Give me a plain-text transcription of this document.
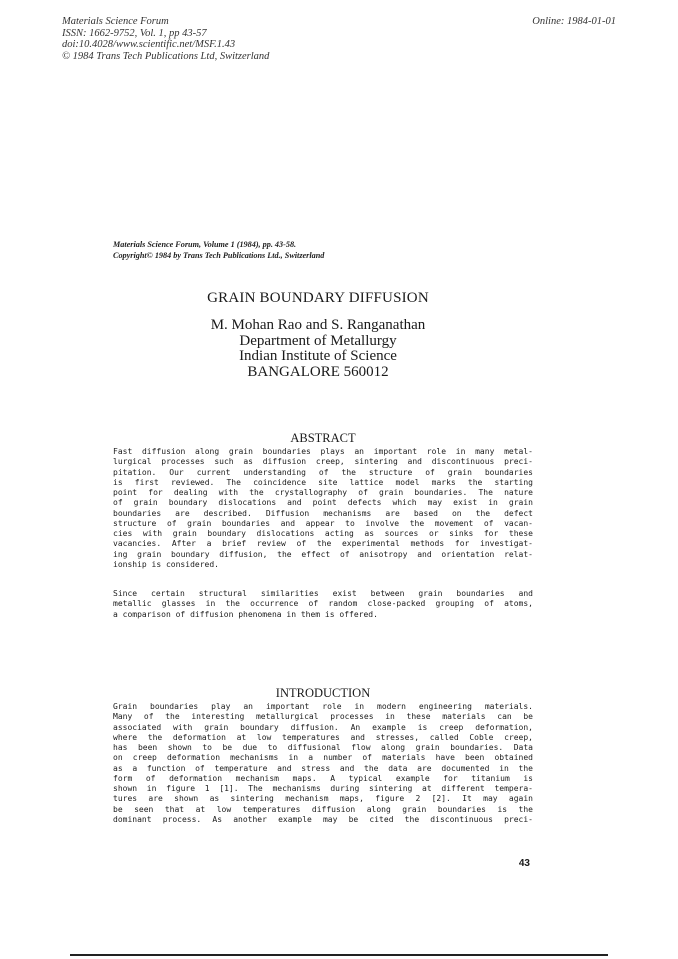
Materials Science Forum
ISSN: 1662-9752, Vol. 1, pp 43-57
doi:10.4028/www.scientific.net/MSF.1.43
© 1984 Trans Tech Publications Ltd, Switzerland
Online: 1984-01-01
Materials Science Forum, Volume 1 (1984), pp. 43-58.
Copyright© 1984 by Trans Tech Publications Ltd., Switzerland
GRAIN BOUNDARY DIFFUSION
M. Mohan Rao and S. Ranganathan
Department of Metallurgy
Indian Institute of Science
BANGALORE 560012
ABSTRACT
Fast diffusion along grain boundaries plays an important role in many metal-
lurgical processes such as diffusion creep, sintering and discontinuous preci-
pitation. Our current understanding of the structure of grain boundaries
is first reviewed. The coincidence site lattice model marks the starting
point for dealing with the crystallography of grain boundaries. The nature
of grain boundary dislocations and point defects which may exist in grain
boundaries are described. Diffusion mechanisms are based on the defect
structure of grain boundaries and appear to involve the movement of vacan-
cies with grain boundary dislocations acting as sources or sinks for these
vacancies. After a brief review of the experimental methods for investigat-
ing grain boundary diffusion, the effect of anisotropy and orientation relat-
ionship is considered.
Since certain structural similarities exist between grain boundaries and
metallic glasses in the occurrence of random close-packed grouping of atoms,
a comparison of diffusion phenomena in them is offered.
INTRODUCTION
Grain boundaries play an important role in modern engineering materials.
Many of the interesting metallurgical processes in these materials can be
associated with grain boundary diffusion. An example is creep deformation,
where the deformation at low temperatures and stresses, called Coble creep,
has been shown to be due to diffusional flow along grain boundaries. Data
on creep deformation mechanisms in a number of materials have been obtained
as a function of temperature and stress and the data are documented in the
form of deformation mechanism maps. A typical example for titanium is
shown in figure 1 [1]. The mechanisms during sintering at different tempera-
tures are shown as sintering mechanism maps, figure 2 [2]. It may again
be seen that at low temperatures diffusion along grain boundaries is the
dominant process. As another example may be cited the discontinuous preci-
43
